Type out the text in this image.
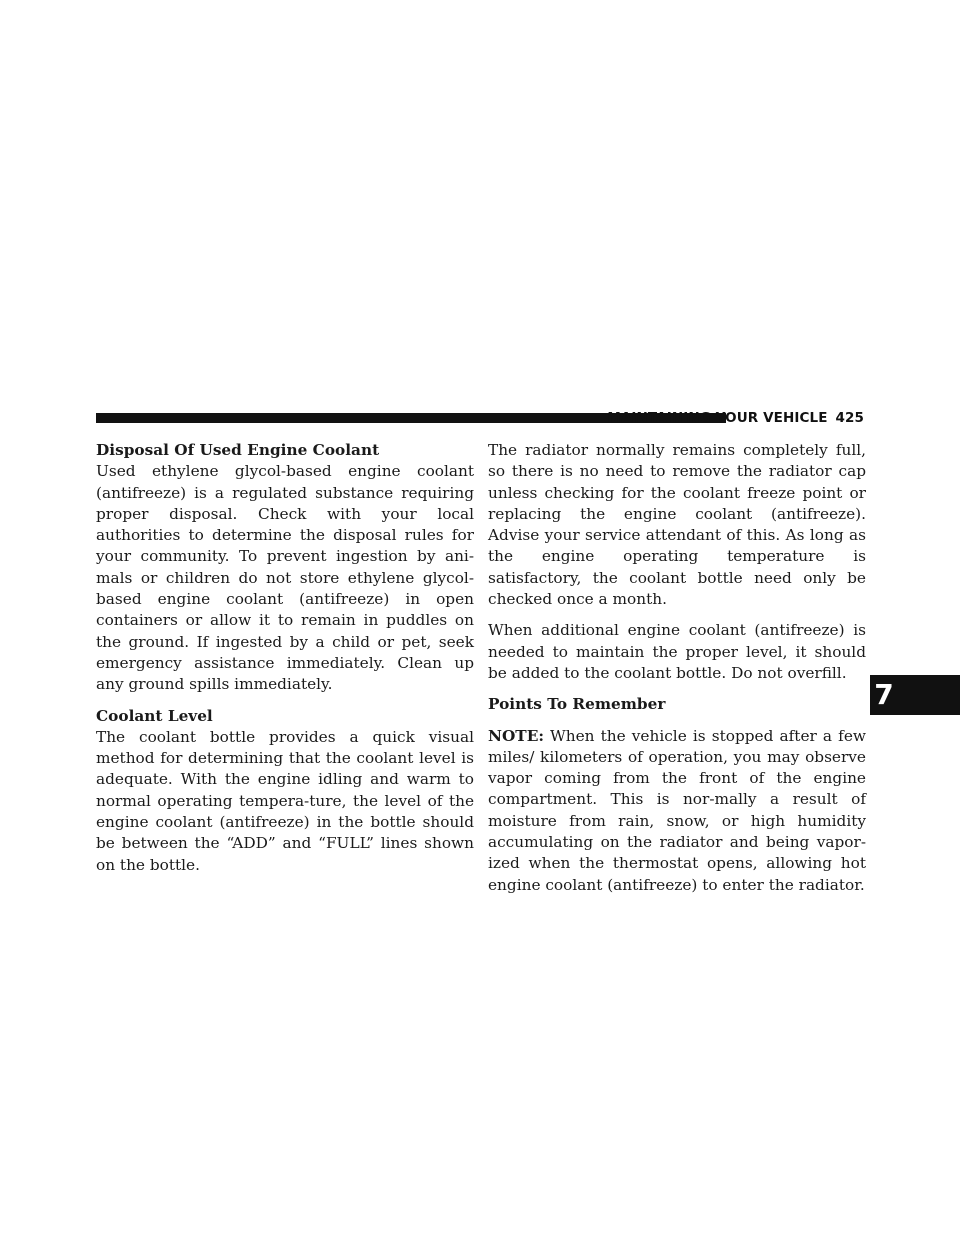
MAINTAINING YOUR VEHICLE 425
Disposal Of Used Engine Coolant

Used ethylene glycol-based engine coolant (antifreeze) is a regulated substance requiring proper disposal. Check with your local authorities to determine the disposal rules for your community. To prevent ingestion by ani-mals or children do not store ethylene glycol-based engine coolant (antifreeze) in open containers or allow it to remain in puddles on the ground. If ingested by a child or pet, seek emergency assistance immediately. Clean up any ground spills immediately.

Coolant Level

The coolant bottle provides a quick visual method for determining that the coolant level is adequate. With the engine idling and warm to normal operating tempera-ture, the level of the engine coolant (antifreeze) in the bottle should be between the “ADD” and “FULL” lines shown on the bottle.

The radiator normally remains completely full, so there is no need to remove the radiator cap unless checking for the coolant freeze point or replacing the engine coolant (antifreeze). Advise your service attendant of this. As long as the engine operating temperature is satisfactory, the coolant bottle need only be checked once a month.

When additional engine coolant (antifreeze) is needed to maintain the proper level, it should be added to the coolant bottle. Do not overfill.

Points To Remember

NOTE: When the vehicle is stopped after a few miles/ kilometers of operation, you may observe vapor coming from the front of the engine compartment. This is nor-mally a result of moisture from rain, snow, or high humidity accumulating on the radiator and being vapor-ized when the thermostat opens, allowing hot engine coolant (antifreeze) to enter the radiator.

7
